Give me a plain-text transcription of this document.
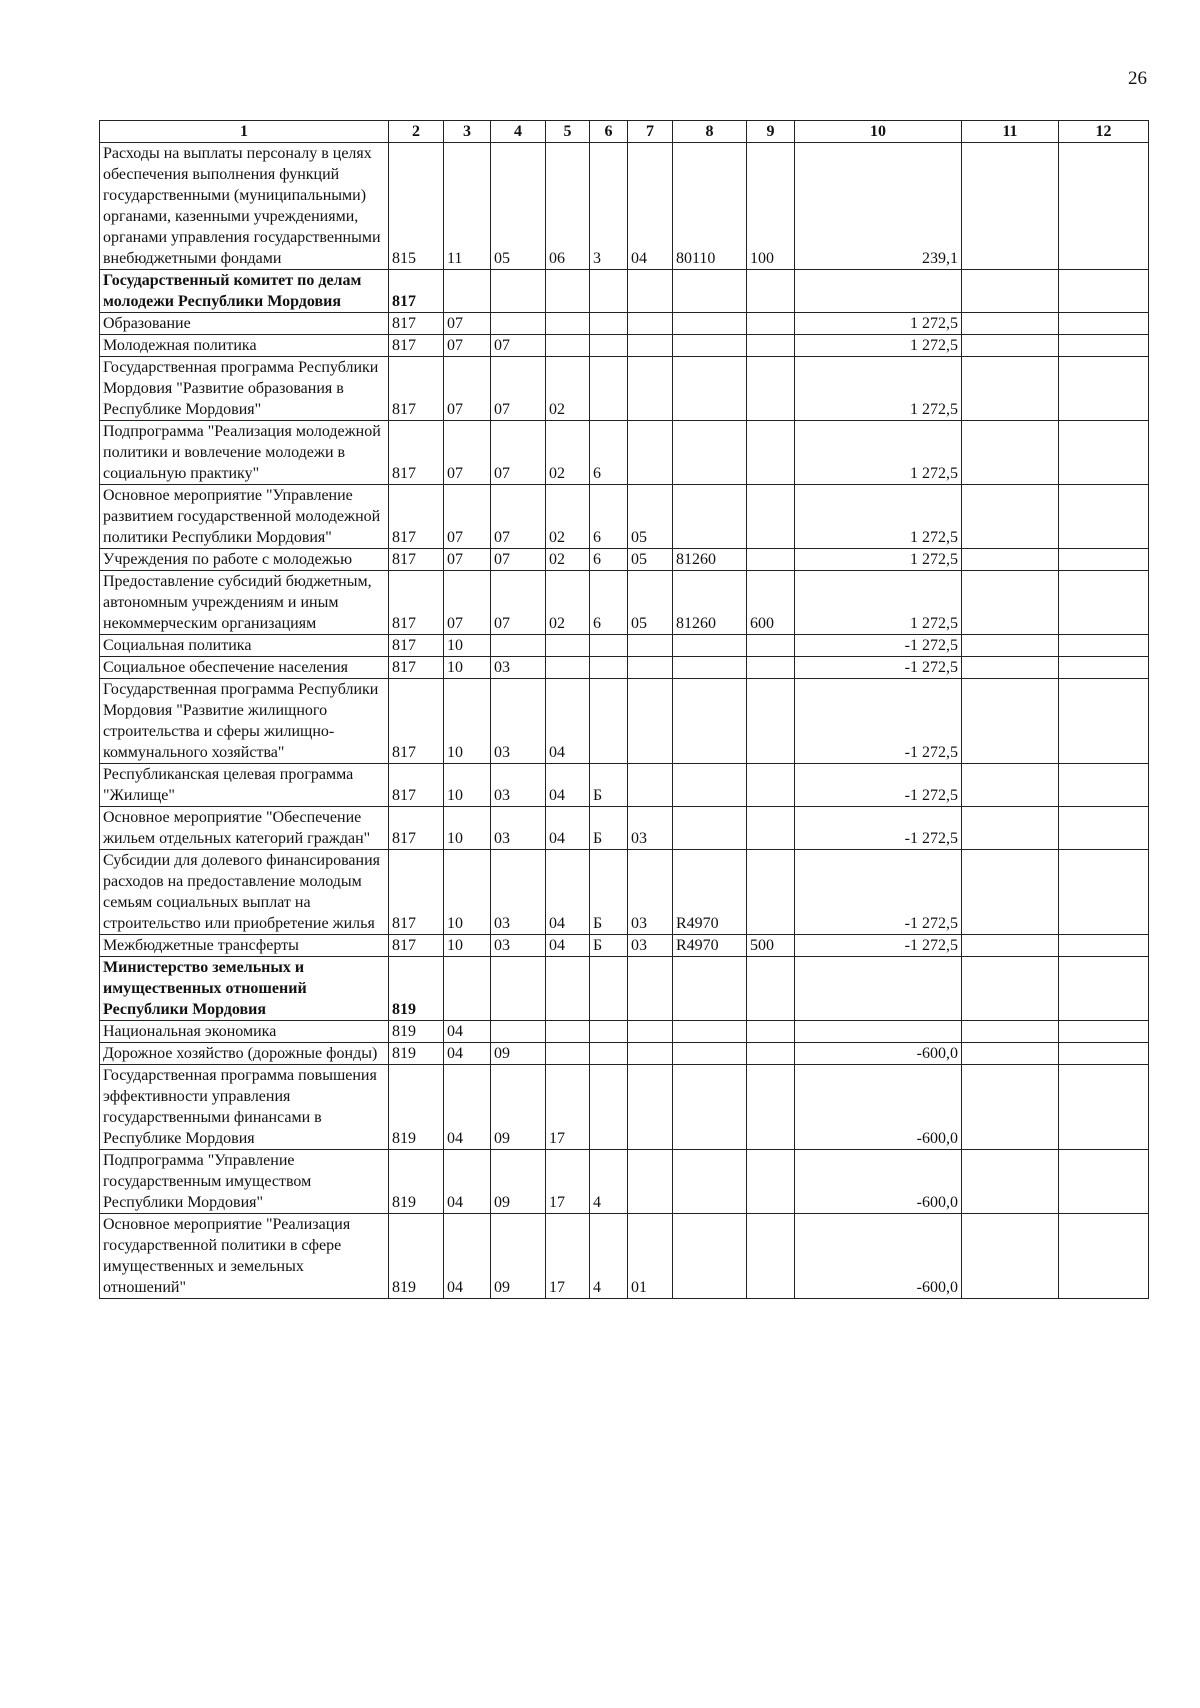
26
1	2	3	4	5	6	7	8	9	10	11	12
Расходы на выплаты персоналу в целях обеспечения выполнения функций государственными (муниципальными) органами, казенными учреждениями, органами управления государственными внебюджетными фондами	815	11	05	06	3	04	80110	100	239,1		
Государственный комитет по делам молодежи Республики Мордовия	817										
Образование	817	07							1 272,5		
Молодежная политика	817	07	07						1 272,5		
Государственная программа Республики Мордовия "Развитие образования в Республике Мордовия"	817	07	07	02					1 272,5		
Подпрограмма "Реализация молодежной политики и вовлечение молодежи в социальную практику"	817	07	07	02	6				1 272,5		
Основное мероприятие "Управление развитием государственной молодежной политики Республики Мордовия"	817	07	07	02	6	05			1 272,5		
Учреждения по работе с молодежью	817	07	07	02	6	05	81260		1 272,5		
Предоставление субсидий бюджетным, автономным учреждениям и иным некоммерческим организациям	817	07	07	02	6	05	81260	600	1 272,5		
Социальная политика	817	10							-1 272,5		
Социальное обеспечение населения	817	10	03						-1 272,5		
Государственная программа Республики Мордовия "Развитие жилищного строительства и сферы жилищно-коммунального хозяйства"	817	10	03	04					-1 272,5		
Республиканская целевая программа "Жилище"	817	10	03	04	Б				-1 272,5		
Основное мероприятие "Обеспечение жильем отдельных категорий граждан"	817	10	03	04	Б	03			-1 272,5		
Субсидии для долевого финансирования расходов на предоставление молодым семьям социальных выплат на строительство или приобретение жилья	817	10	03	04	Б	03	R4970		-1 272,5		
Межбюджетные трансферты	817	10	03	04	Б	03	R4970	500	-1 272,5		
Министерство земельных и имущественных отношений Республики Мордовия	819										
Национальная экономика	819	04									
Дорожное хозяйство (дорожные фонды)	819	04	09						-600,0		
Государственная программа повышения эффективности управления государственными финансами в Республике Мордовия	819	04	09	17					-600,0		
Подпрограмма "Управление государственным имуществом Республики Мордовия"	819	04	09	17	4				-600,0		
Основное мероприятие "Реализация государственной политики в сфере имущественных и земельных отношений"	819	04	09	17	4	01			-600,0		
